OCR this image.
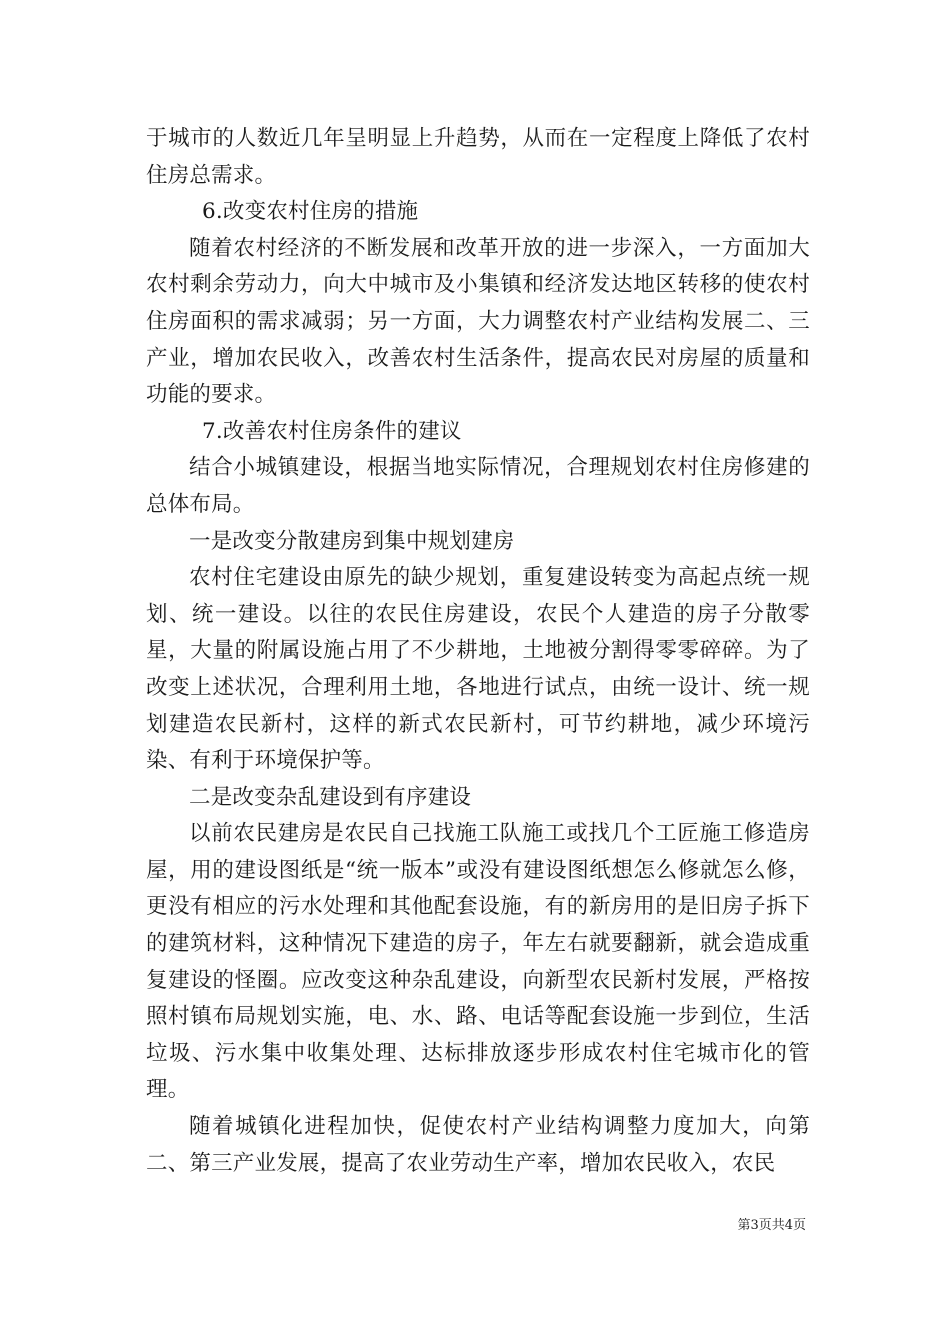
于城市的人数近几年呈明显上升趋势，从而在一定程度上降低了农村住房总需求。

6.改变农村住房的措施

随着农村经济的不断发展和改革开放的进一步深入，一方面加大农村剩余劳动力，向大中城市及小集镇和经济发达地区转移的使农村住房面积的需求减弱；另一方面，大力调整农村产业结构发展二、三产业，增加农民收入，改善农村生活条件，提高农民对房屋的质量和功能的要求。

7.改善农村住房条件的建议

结合小城镇建设，根据当地实际情况，合理规划农村住房修建的总体布局。

一是改变分散建房到集中规划建房

农村住宅建设由原先的缺少规划，重复建设转变为高起点统一规划、统一建设。以往的农民住房建设，农民个人建造的房子分散零星，大量的附属设施占用了不少耕地，土地被分割得零零碎碎。为了改变上述状况，合理利用土地，各地进行试点，由统一设计、统一规划建造农民新村，这样的新式农民新村，可节约耕地，减少环境污染、有利于环境保护等。

二是改变杂乱建设到有序建设

以前农民建房是农民自己找施工队施工或找几个工匠施工修造房屋，用的建设图纸是“统一版本”或没有建设图纸想怎么修就怎么修，更没有相应的污水处理和其他配套设施，有的新房用的是旧房子拆下的建筑材料，这种情况下建造的房子，年左右就要翻新，就会造成重复建设的怪圈。应改变这种杂乱建设，向新型农民新村发展，严格按照村镇布局规划实施，电、水、路、电话等配套设施一步到位，生活垃圾、污水集中收集处理、达标排放逐步形成农村住宅城市化的管理。

随着城镇化进程加快，促使农村产业结构调整力度加大，向第二、第三产业发展，提高了农业劳动生产率，增加农民收入，农民

第3页共4页
